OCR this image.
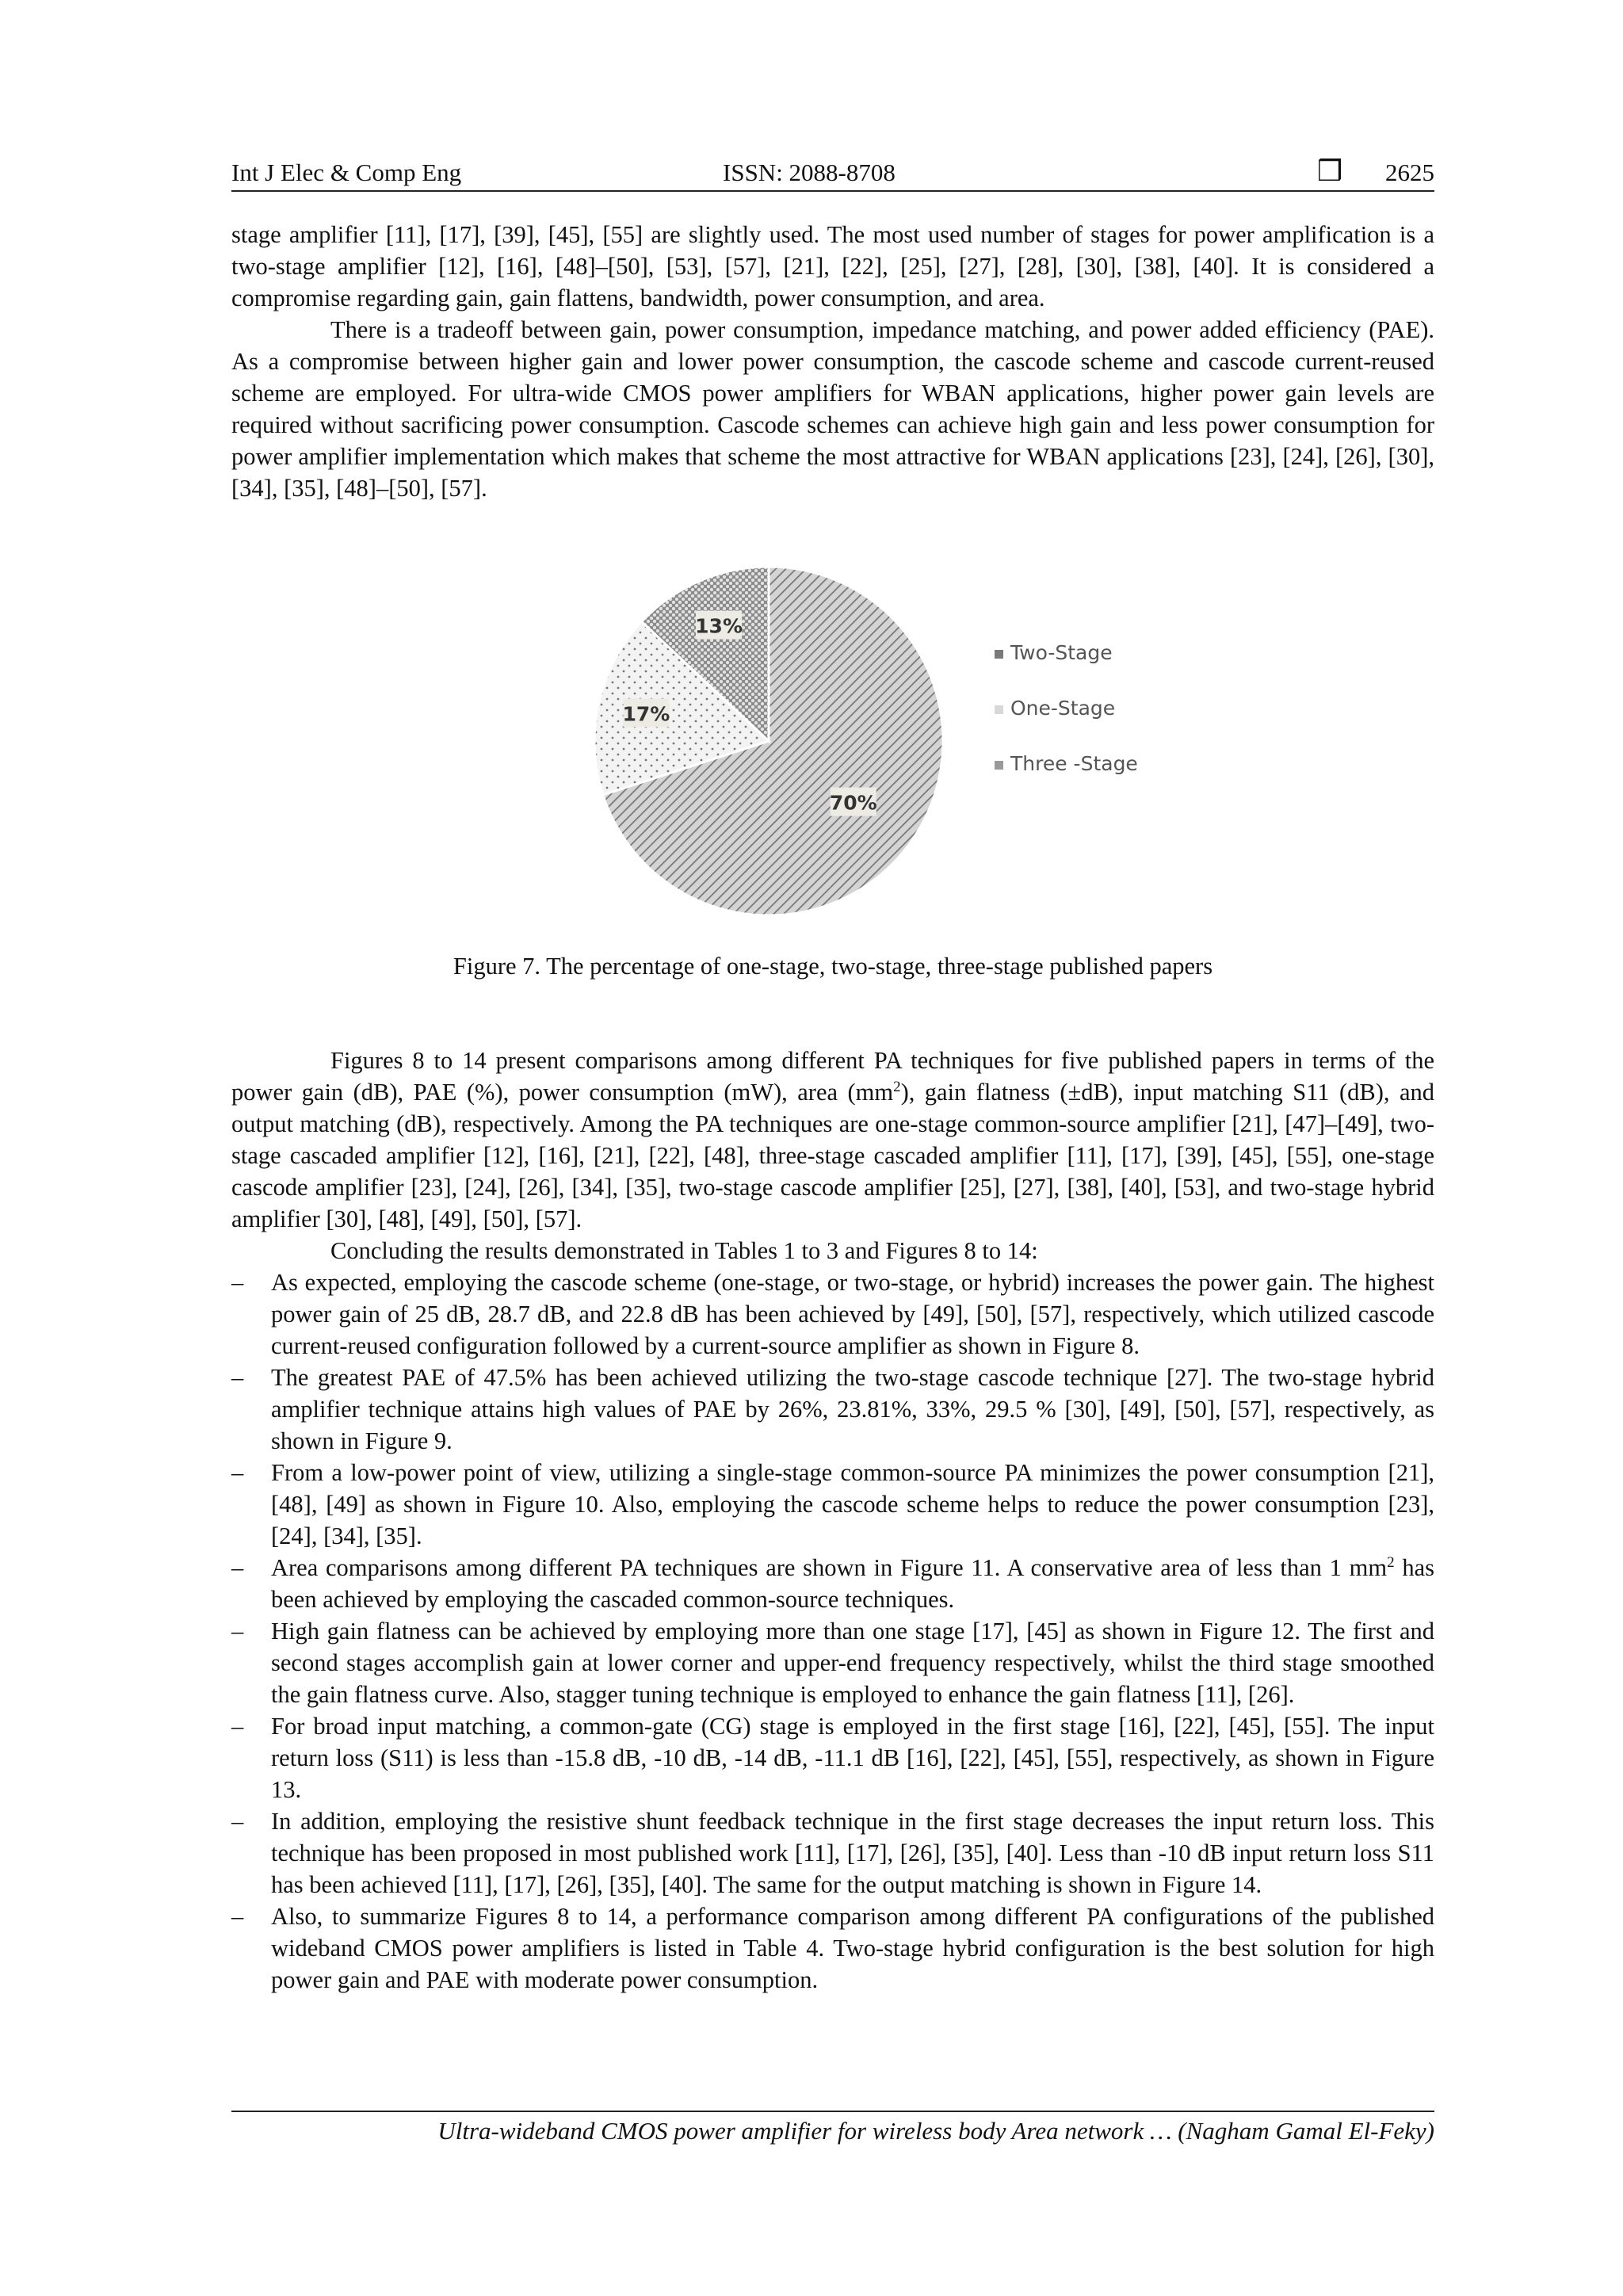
Int J Elec & Comp Eng	ISSN: 2088-8708	❒ 2625

stage amplifier [11], [17], [39], [45], [55] are slightly used. The most used number of stages for power amplification is a two-stage amplifier [12], [16], [48]–[50], [53], [57], [21], [22], [25], [27], [28], [30], [38], [40]. It is considered a compromise regarding gain, gain flattens, bandwidth, power consumption, and area.

There is a tradeoff between gain, power consumption, impedance matching, and power added efficiency (PAE). As a compromise between higher gain and lower power consumption, the cascode scheme and cascode current-reused scheme are employed. For ultra-wide CMOS power amplifiers for WBAN applications, higher power gain levels are required without sacrificing power consumption. Cascode schemes can achieve high gain and less power consumption for power amplifier implementation which makes that scheme the most attractive for WBAN applications [23], [24], [26], [30], [34], [35], [48]–[50], [57].

70%
17%
13%
Two-Stage
One-Stage
Three -Stage
Figure 7. The percentage of one-stage, two-stage, three-stage published papers

Figures 8 to 14 present comparisons among different PA techniques for five published papers in terms of the power gain (dB), PAE (%), power consumption (mW), area $(mm^2)$, gain flatness (±dB), input matching S11 (dB), and output matching (dB), respectively. Among the PA techniques are one-stage common-source amplifier [21], [47]–[49], two-stage cascaded amplifier [12], [16], [21], [22], [48], three-stage cascaded amplifier [11], [17], [39], [45], [55], one-stage cascode amplifier [23], [24], [26], [34], [35], two-stage cascode amplifier [25], [27], [38], [40], [53], and two-stage hybrid amplifier [30], [48], [49], [50], [57].

Concluding the results demonstrated in Tables 1 to 3 and Figures 8 to 14:

– As expected, employing the cascode scheme (one-stage, or two-stage, or hybrid) increases the power gain. The highest power gain of 25 dB, 28.7 dB, and 22.8 dB has been achieved by [49], [50], [57], respectively, which utilized cascode current-reused configuration followed by a current-source amplifier as shown in Figure 8.
– The greatest PAE of 47.5% has been achieved utilizing the two-stage cascode technique [27]. The two-stage hybrid amplifier technique attains high values of PAE by 26%, 23.81%, 33%, 29.5 % [30], [49], [50], [57], respectively, as shown in Figure 9.
– From a low-power point of view, utilizing a single-stage common-source PA minimizes the power consumption [21], [48], [49] as shown in Figure 10. Also, employing the cascode scheme helps to reduce the power consumption [23], [24], [34], [35].
– Area comparisons among different PA techniques are shown in Figure 11. A conservative area of less than 1 $mm^2$ has been achieved by employing the cascaded common-source techniques.
– High gain flatness can be achieved by employing more than one stage [17], [45] as shown in Figure 12. The first and second stages accomplish gain at lower corner and upper-end frequency respectively, whilst the third stage smoothed the gain flatness curve. Also, stagger tuning technique is employed to enhance the gain flatness [11], [26].
– For broad input matching, a common-gate (CG) stage is employed in the first stage [16], [22], [45], [55]. The input return loss (S11) is less than -15.8 dB, -10 dB, -14 dB, -11.1 dB [16], [22], [45], [55], respectively, as shown in Figure 13.
– In addition, employing the resistive shunt feedback technique in the first stage decreases the input return loss. This technique has been proposed in most published work [11], [17], [26], [35], [40]. Less than -10 dB input return loss S11 has been achieved [11], [17], [26], [35], [40]. The same for the output matching is shown in Figure 14.
– Also, to summarize Figures 8 to 14, a performance comparison among different PA configurations of the published wideband CMOS power amplifiers is listed in Table 4. Two-stage hybrid configuration is the best solution for high power gain and PAE with moderate power consumption.
Ultra-wideband CMOS power amplifier for wireless body Area network … (Nagham Gamal El-Feky)
